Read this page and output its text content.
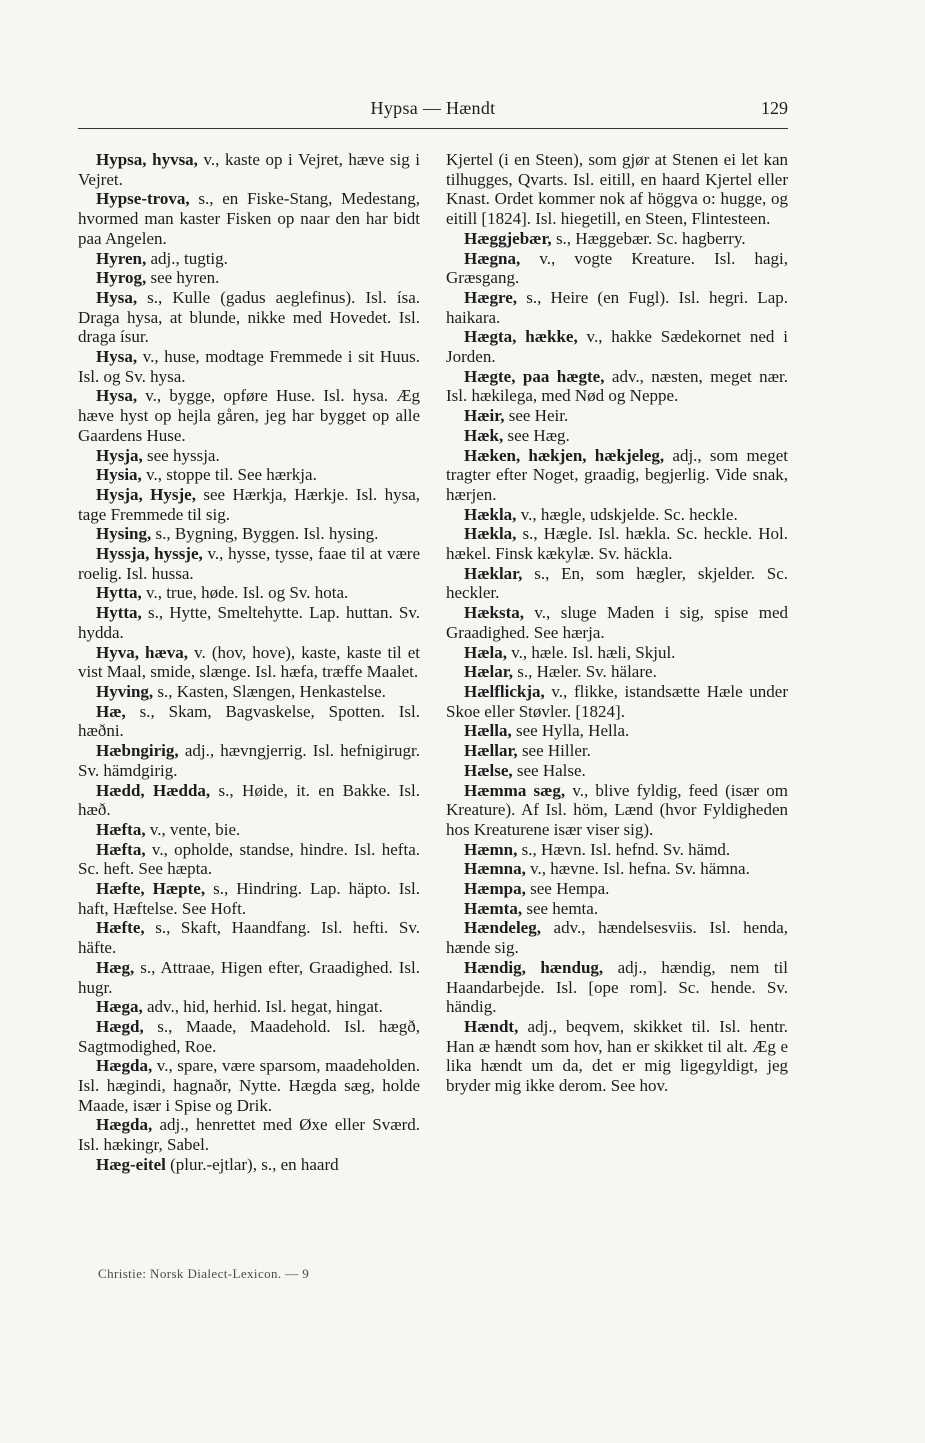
Hypsa — Hændt	129

Hypsa, hyvsa, v., kaste op i Vejret, hæve sig i Vejret.

Hypse-trova, s., en Fiske-Stang, Medestang, hvormed man kaster Fisken op naar den har bidt paa Angelen.

Hyren, adj., tugtig.

Hyrog, see hyren.

Hysa, s., Kulle (gadus aeglefinus). Isl. ísa. Draga hysa, at blunde, nikke med Hovedet. Isl. draga ísur.

Hysa, v., huse, modtage Fremmede i sit Huus. Isl. og Sv. hysa.

Hysa, v., bygge, opføre Huse. Isl. hysa. Æg hæve hyst op hejla gåren, jeg har bygget op alle Gaardens Huse.

Hysja, see hyssja.

Hysia, v., stoppe til. See hærkja.

Hysja, Hysje, see Hærkja, Hærkje. Isl. hysa, tage Fremmede til sig.

Hysing, s., Bygning, Byggen. Isl. hysing.

Hyssja, hyssje, v., hysse, tysse, faae til at være roelig. Isl. hussa.

Hytta, v., true, høde. Isl. og Sv. hota.

Hytta, s., Hytte, Smeltehytte. Lap. huttan. Sv. hydda.

Hyva, hæva, v. (hov, hove), kaste, kaste til et vist Maal, smide, slænge. Isl. hæfa, træffe Maalet.

Hyving, s., Kasten, Slængen, Henkastelse.

Hæ, s., Skam, Bagvaskelse, Spotten. Isl. hæðni.

Hæbngirig, adj., hævngjerrig. Isl. hefnigirugr. Sv. hämdgirig.

Hædd, Hædda, s., Høide, it. en Bakke. Isl. hæð.

Hæfta, v., vente, bie.

Hæfta, v., opholde, standse, hindre. Isl. hefta. Sc. heft. See hæpta.

Hæfte, Hæpte, s., Hindring. Lap. häpto. Isl. haft, Hæftelse. See Hoft.

Hæfte, s., Skaft, Haandfang. Isl. hefti. Sv. häfte.

Hæg, s., Attraae, Higen efter, Graadighed. Isl. hugr.

Hæga, adv., hid, herhid. Isl. hegat, hingat.

Hægd, s., Maade, Maadehold. Isl. hægð, Sagtmodighed, Roe.

Hægda, v., spare, være sparsom, maadeholden. Isl. hægindi, hagnaðr, Nytte. Hægda sæg, holde Maade, især i Spise og Drik.

Hægda, adj., henrettet med Øxe eller Sværd. Isl. hækingr, Sabel.

Hæg-eitel (plur.-ejtlar), s., en haard

Kjertel (i en Steen), som gjør at Stenen ei let kan tilhugges, Qvarts. Isl. eitill, en haard Kjertel eller Knast. Ordet kommer nok af höggva o: hugge, og eitill [1824]. Isl. hiegetill, en Steen, Flintesteen.

Hæggjebær, s., Hæggebær. Sc. hagberry.

Hægna, v., vogte Kreature. Isl. hagi, Græsgang.

Hægre, s., Heire (en Fugl). Isl. hegri. Lap. haikara.

Hægta, hække, v., hakke Sædekornet ned i Jorden.

Hægte, paa hægte, adv., næsten, meget nær. Isl. hækilega, med Nød og Neppe.

Hæir, see Heir.

Hæk, see Hæg.

Hæken, hækjen, hækjeleg, adj., som meget tragter efter Noget, graadig, begjerlig. Vide snak, hærjen.

Hækla, v., hægle, udskjelde. Sc. heckle.

Hækla, s., Hægle. Isl. hækla. Sc. heckle. Hol. hækel. Finsk kækylæ. Sv. häckla.

Hæklar, s., En, som hægler, skjelder. Sc. heckler.

Hæksta, v., sluge Maden i sig, spise med Graadighed. See hærja.

Hæla, v., hæle. Isl. hæli, Skjul.

Hælar, s., Hæler. Sv. hälare.

Hælflickja, v., flikke, istandsætte Hæle under Skoe eller Støvler. [1824].

Hælla, see Hylla, Hella.

Hællar, see Hiller.

Hælse, see Halse.

Hæmma sæg, v., blive fyldig, feed (især om Kreature). Af Isl. höm, Lænd (hvor Fyldigheden hos Kreaturene især viser sig).

Hæmn, s., Hævn. Isl. hefnd. Sv. hämd.

Hæmna, v., hævne. Isl. hefna. Sv. hämna.

Hæmpa, see Hempa.

Hæmta, see hemta.

Hændeleg, adv., hændelsesviis. Isl. henda, hænde sig.

Hændig, hændug, adj., hændig, nem til Haandarbejde. Isl. [ope rom]. Sc. hende. Sv. händig.

Hændt, adj., beqvem, skikket til. Isl. hentr. Han æ hændt som hov, han er skikket til alt. Æg e lika hændt um da, det er mig ligegyldigt, jeg bryder mig ikke derom. See hov.

Christie: Norsk Dialect-Lexicon. — 9
